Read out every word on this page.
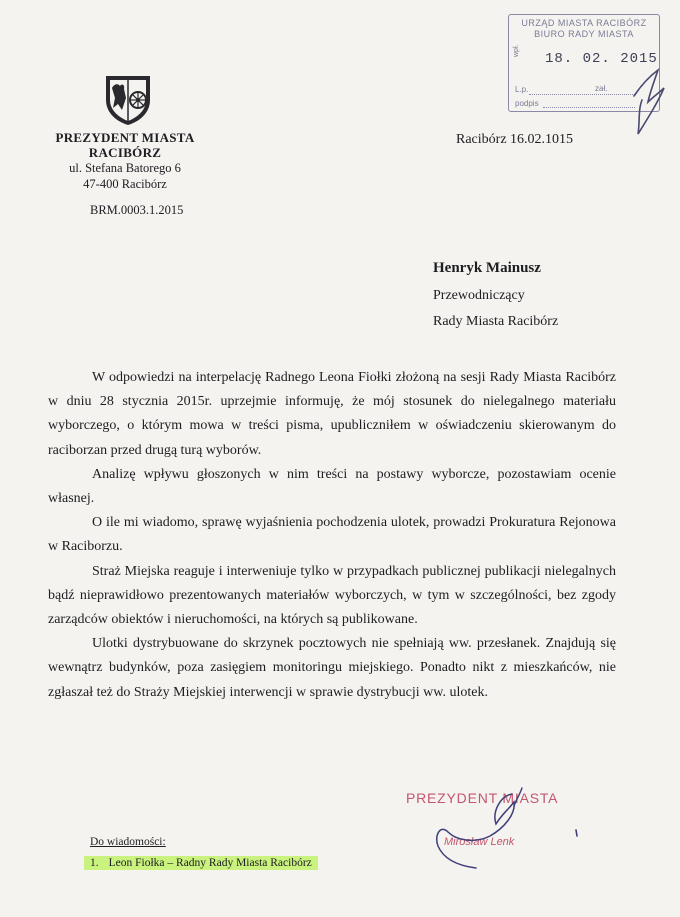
PREZYDENT MIASTA
RACIBÓRZ
ul. Stefana Batorego 6
47-400 Racibórz
BRM.0003.1.2015
URZĄD MIASTA RACIBÓRZ
BIURO RADY MIASTA
wpł.
18. 02. 2015
L.p.	zał.
podpis
Racibórz 16.02.1015
Henryk Mainusz
Przewodniczący
Rady Miasta Racibórz

W odpowiedzi na interpelację Radnego Leona Fiołki złożoną na sesji Rady Miasta Racibórz w dniu 28 stycznia 2015r. uprzejmie informuję, że mój stosunek do nielegalnego materiału wyborczego, o którym mowa w treści pisma, upubliczniłem w oświadczeniu skierowanym do raciborzan przed drugą turą wyborów.

Analizę wpływu głoszonych w nim treści na postawy wyborcze, pozostawiam ocenie własnej.

O ile mi wiadomo, sprawę wyjaśnienia pochodzenia ulotek, prowadzi Prokuratura Rejonowa w Raciborzu.

Straż Miejska reaguje i interweniuje tylko w przypadkach publicznej publikacji nielegalnych bądź nieprawidłowo prezentowanych materiałów wyborczych, w tym w szczególności, bez zgody zarządców obiektów i nieruchomości, na których są publikowane.

Ulotki dystrybuowane do skrzynek pocztowych nie spełniają ww. przesłanek. Znajdują się wewnątrz budynków, poza zasięgiem monitoringu miejskiego. Ponadto nikt z mieszkańców, nie zgłaszał też do Straży Miejskiej interwencji w sprawie dystrybucji ww. ulotek.

PREZYDENT MIASTA
Mirosław Lenk
Do wiadomości:
1. Leon Fiołka – Radny Rady Miasta Racibórz
